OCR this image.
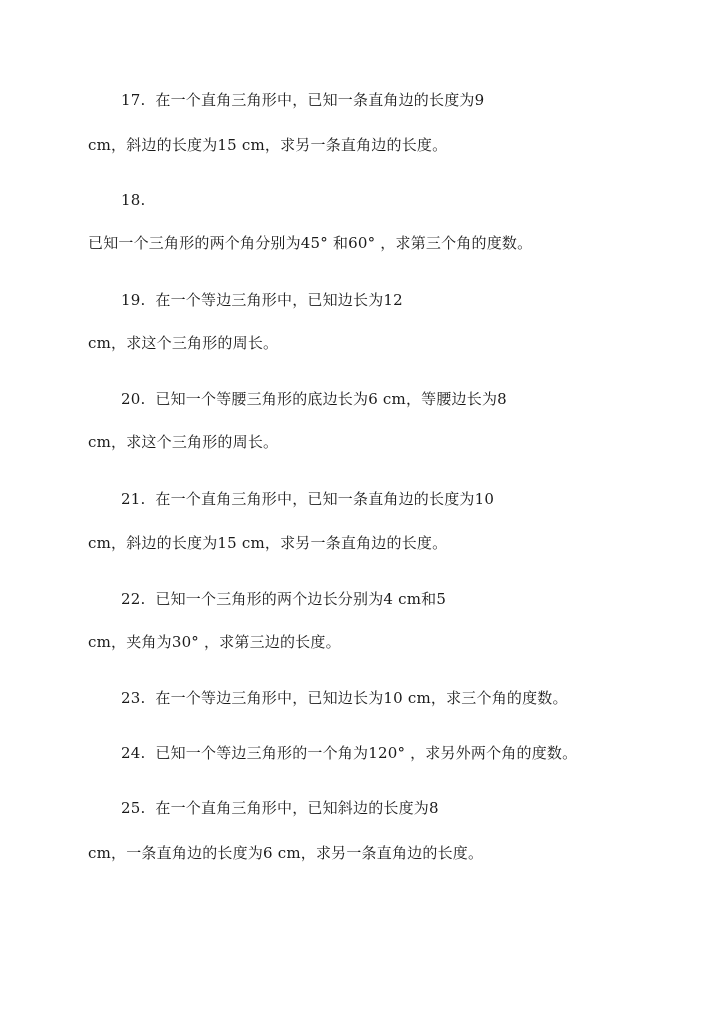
17. 在一个直角三角形中，已知一条直角边的长度为9
cm，斜边的长度为15 cm，求另一条直角边的长度。
18.
已知一个三角形的两个角分别为45° 和60° ，求第三个角的度数。
19. 在一个等边三角形中，已知边长为12
cm，求这个三角形的周长。
20. 已知一个等腰三角形的底边长为6 cm，等腰边长为8
cm，求这个三角形的周长。
21. 在一个直角三角形中，已知一条直角边的长度为10
cm，斜边的长度为15 cm，求另一条直角边的长度。
22. 已知一个三角形的两个边长分别为4 cm和5
cm，夹角为30° ，求第三边的长度。
23. 在一个等边三角形中，已知边长为10 cm，求三个角的度数。
24. 已知一个等边三角形的一个角为120° ，求另外两个角的度数。
25. 在一个直角三角形中，已知斜边的长度为8
cm，一条直角边的长度为6 cm，求另一条直角边的长度。
